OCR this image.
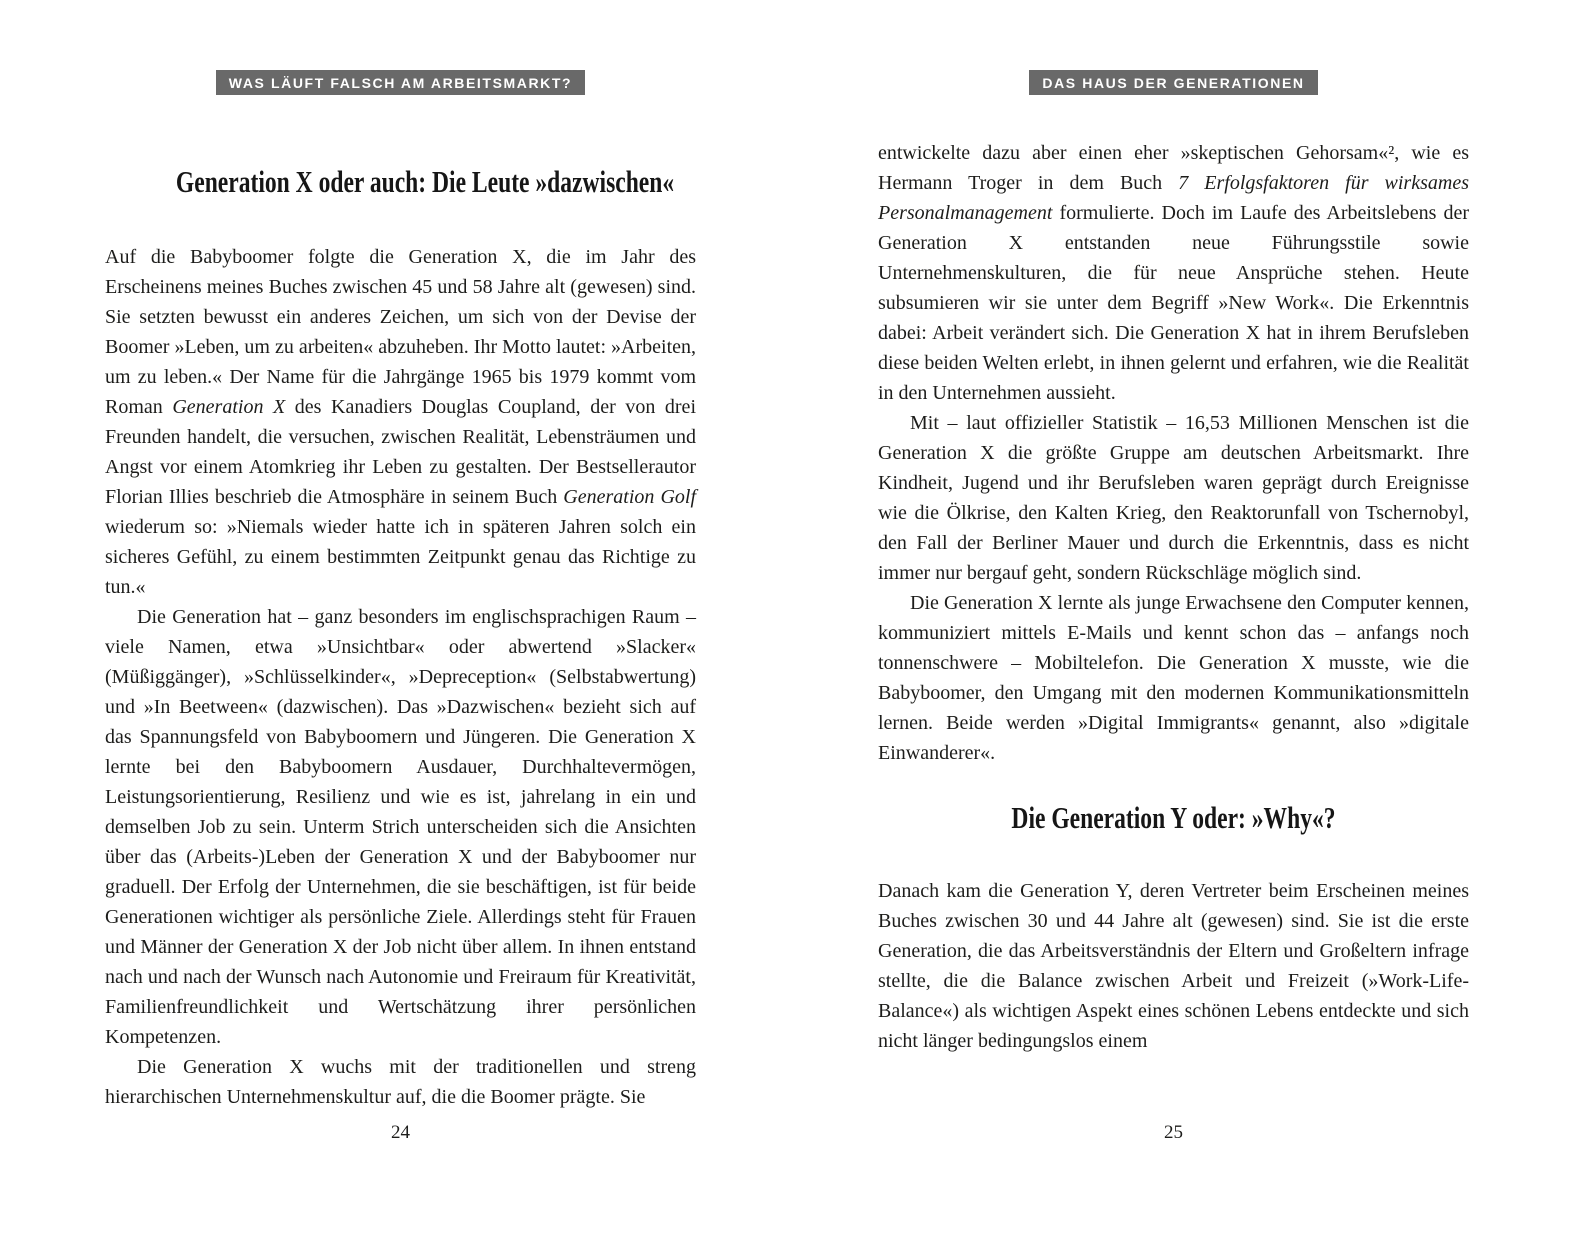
WAS LÄUFT FALSCH AM ARBEITSMARKT?
Generation X oder auch: Die Leute »dazwischen«

Auf die Babyboomer folgte die Generation X, die im Jahr des Erscheinens meines Buches zwischen 45 und 58 Jahre alt (gewesen) sind. Sie setzten bewusst ein anderes Zeichen, um sich von der Devise der Boomer »Leben, um zu arbeiten« abzuheben. Ihr Motto lautet: »Arbeiten, um zu leben.« Der Name für die Jahrgänge 1965 bis 1979 kommt vom Roman Generation X des Kanadiers Douglas Coupland, der von drei Freunden handelt, die versuchen, zwischen Realität, Lebensträumen und Angst vor einem Atomkrieg ihr Leben zu gestalten. Der Bestsellerautor Florian Illies beschrieb die Atmosphäre in seinem Buch Generation Golf wiederum so: »Niemals wieder hatte ich in späteren Jahren solch ein sicheres Gefühl, zu einem bestimmten Zeitpunkt genau das Richtige zu tun.«

Die Generation hat – ganz besonders im englischsprachigen Raum – viele Namen, etwa »Unsichtbar« oder abwertend »Slacker« (Müßiggänger), »Schlüsselkinder«, »Depreception« (Selbstabwertung) und »In Beetween« (dazwischen). Das »Dazwischen« bezieht sich auf das Spannungsfeld von Babyboomern und Jüngeren. Die Generation X lernte bei den Babyboomern Ausdauer, Durchhaltevermögen, Leistungsorientierung, Resilienz und wie es ist, jahrelang in ein und demselben Job zu sein. Unterm Strich unterscheiden sich die Ansichten über das (Arbeits-)Leben der Generation X und der Babyboomer nur graduell. Der Erfolg der Unternehmen, die sie beschäftigen, ist für beide Generationen wichtiger als persönliche Ziele. Allerdings steht für Frauen und Männer der Generation X der Job nicht über allem. In ihnen entstand nach und nach der Wunsch nach Autonomie und Freiraum für Kreativität, Familienfreundlichkeit und Wertschätzung ihrer persönlichen Kompetenzen.

Die Generation X wuchs mit der traditionellen und streng hierarchischen Unternehmenskultur auf, die die Boomer prägte. Sie

24
DAS HAUS DER GENERATIONEN

entwickelte dazu aber einen eher »skeptischen Gehorsam«², wie es Hermann Troger in dem Buch 7 Erfolgsfaktoren für wirksames Personalmanagement formulierte. Doch im Laufe des Arbeitslebens der Generation X entstanden neue Führungsstile sowie Unternehmenskulturen, die für neue Ansprüche stehen. Heute subsumieren wir sie unter dem Begriff »New Work«. Die Erkenntnis dabei: Arbeit verändert sich. Die Generation X hat in ihrem Berufsleben diese beiden Welten erlebt, in ihnen gelernt und erfahren, wie die Realität in den Unternehmen aussieht.

Mit – laut offizieller Statistik – 16,53 Millionen Menschen ist die Generation X die größte Gruppe am deutschen Arbeitsmarkt. Ihre Kindheit, Jugend und ihr Berufsleben waren geprägt durch Ereignisse wie die Ölkrise, den Kalten Krieg, den Reaktorunfall von Tschernobyl, den Fall der Berliner Mauer und durch die Erkenntnis, dass es nicht immer nur bergauf geht, sondern Rückschläge möglich sind.

Die Generation X lernte als junge Erwachsene den Computer kennen, kommuniziert mittels E-Mails und kennt schon das – anfangs noch tonnenschwere – Mobiltelefon. Die Generation X musste, wie die Babyboomer, den Umgang mit den modernen Kommunikationsmitteln lernen. Beide werden »Digital Immigrants« genannt, also »digitale Einwanderer«.

Die Generation Y oder: »Why«?

Danach kam die Generation Y, deren Vertreter beim Erscheinen meines Buches zwischen 30 und 44 Jahre alt (gewesen) sind. Sie ist die erste Generation, die das Arbeitsverständnis der Eltern und Großeltern infrage stellte, die die Balance zwischen Arbeit und Freizeit (»Work-Life-Balance«) als wichtigen Aspekt eines schönen Lebens entdeckte und sich nicht länger bedingungslos einem

25
